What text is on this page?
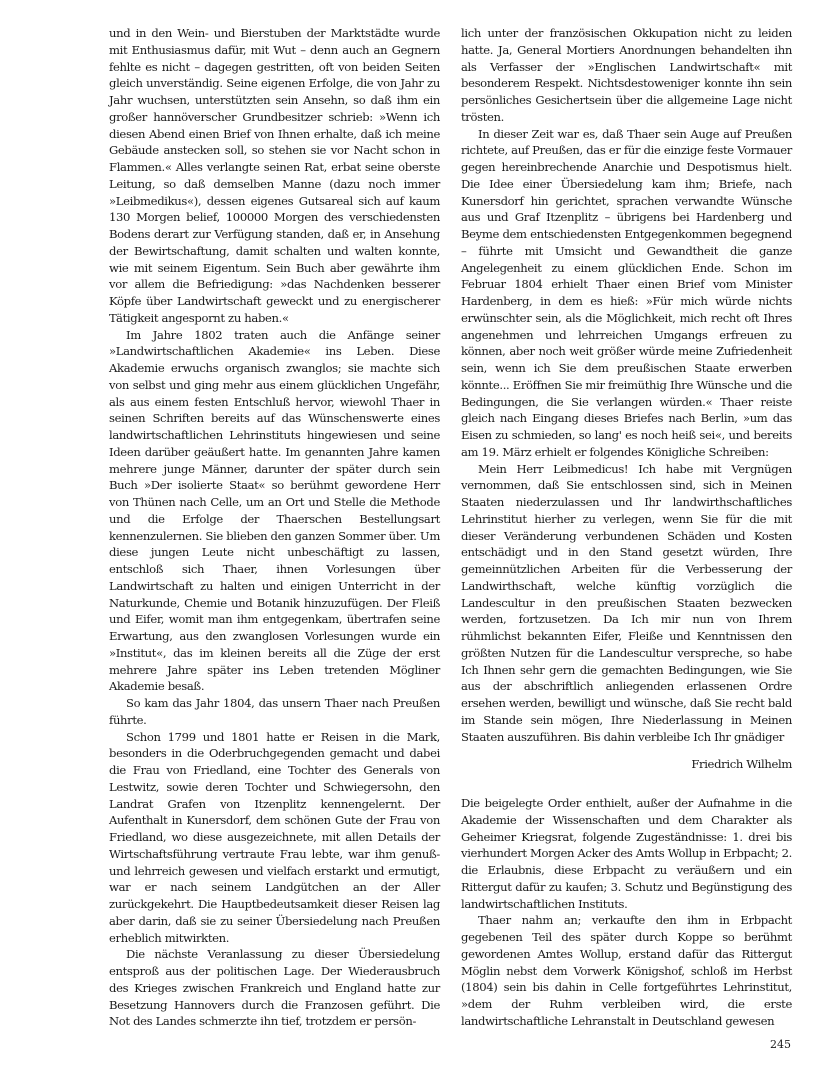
und in den Wein- und Bierstuben der Marktstädte wurde mit Enthusiasmus dafür, mit Wut – denn auch an Gegnern fehlte es nicht – dagegen gestritten, oft von beiden Seiten gleich unverständig. Seine eigenen Erfolge, die von Jahr zu Jahr wuchsen, unterstützten sein Ansehn, so daß ihm ein großer hannöverscher Grundbesitzer schrieb: »Wenn ich diesen Abend einen Brief von Ihnen erhalte, daß ich meine Gebäude anstecken soll, so stehen sie vor Nacht schon in Flammen.« Alles verlangte seinen Rat, erbat seine oberste Leitung, so daß demselben Manne (dazu noch immer »Leibmedikus«), dessen eigenes Gutsareal sich auf kaum 130 Morgen belief, 100000 Morgen des verschiedensten Bodens derart zur Verfügung standen, daß er, in Ansehung der Bewirtschaftung, damit schalten und walten konnte, wie mit seinem Eigentum. Sein Buch aber gewährte ihm vor allem die Befriedigung: »das Nachdenken besserer Köpfe über Landwirtschaft geweckt und zu energischerer Tätigkeit angespornt zu haben.«

Im Jahre 1802 traten auch die Anfänge seiner »Landwirtschaftlichen Akademie« ins Leben. Diese Akademie erwuchs organisch zwanglos; sie machte sich von selbst und ging mehr aus einem glücklichen Ungefähr, als aus einem festen Entschluß hervor, wiewohl Thaer in seinen Schriften bereits auf das Wünschenswerte eines landwirtschaftlichen Lehrinstituts hingewiesen und seine Ideen darüber geäußert hatte. Im genannten Jahre kamen mehrere junge Männer, darunter der später durch sein Buch »Der isolierte Staat« so berühmt gewordene Herr von Thünen nach Celle, um an Ort und Stelle die Methode und die Erfolge der Thaerschen Bestellungsart kennenzulernen. Sie blieben den ganzen Sommer über. Um diese jungen Leute nicht unbeschäftigt zu lassen, entschloß sich Thaer, ihnen Vorlesungen über Landwirtschaft zu halten und einigen Unterricht in der Naturkunde, Chemie und Botanik hinzuzufügen. Der Fleiß und Eifer, womit man ihm entgegenkam, übertrafen seine Erwartung, aus den zwanglosen Vorlesungen wurde ein »Institut«, das im kleinen bereits all die Züge der erst mehrere Jahre später ins Leben tretenden Mögliner Akademie besaß.

So kam das Jahr 1804, das unsern Thaer nach Preußen führte.

Schon 1799 und 1801 hatte er Reisen in die Mark, besonders in die Oderbruchgegenden gemacht und dabei die Frau von Friedland, eine Tochter des Generals von Lestwitz, sowie deren Tochter und Schwiegersohn, den Landrat Grafen von Itzenplitz kennengelernt. Der Aufenthalt in Kunersdorf, dem schönen Gute der Frau von Friedland, wo diese ausgezeichnete, mit allen Details der Wirtschaftsführung vertraute Frau lebte, war ihm genuß- und lehrreich gewesen und vielfach erstarkt und ermutigt, war er nach seinem Landgütchen an der Aller zurückgekehrt. Die Hauptbedeutsamkeit dieser Reisen lag aber darin, daß sie zu seiner Übersiedelung nach Preußen erheblich mitwirkten.

Die nächste Veranlassung zu dieser Übersiedelung entsproß aus der politischen Lage. Der Wiederausbruch des Krieges zwischen Frankreich und England hatte zur Besetzung Hannovers durch die Franzosen geführt. Die Not des Landes schmerzte ihn tief, trotzdem er persön-

lich unter der französischen Okkupation nicht zu leiden hatte. Ja, General Mortiers Anordnungen behandelten ihn als Verfasser der »Englischen Landwirtschaft« mit besonderem Respekt. Nichtsdestoweniger konnte ihn sein persönliches Gesichertsein über die allgemeine Lage nicht trösten.

In dieser Zeit war es, daß Thaer sein Auge auf Preußen richtete, auf Preußen, das er für die einzige feste Vormauer gegen hereinbrechende Anarchie und Despotismus hielt. Die Idee einer Übersiedelung kam ihm; Briefe, nach Kunersdorf hin gerichtet, sprachen verwandte Wünsche aus und Graf Itzenplitz – übrigens bei Hardenberg und Beyme dem entschiedensten Entgegenkommen begegnend – führte mit Umsicht und Gewandtheit die ganze Angelegenheit zu einem glücklichen Ende. Schon im Februar 1804 erhielt Thaer einen Brief vom Minister Hardenberg, in dem es hieß: »Für mich würde nichts erwünschter sein, als die Möglichkeit, mich recht oft Ihres angenehmen und lehrreichen Umgangs erfreuen zu können, aber noch weit größer würde meine Zufriedenheit sein, wenn ich Sie dem preußischen Staate erwerben könnte... Eröffnen Sie mir freimüthig Ihre Wünsche und die Bedingungen, die Sie verlangen würden.« Thaer reiste gleich nach Eingang dieses Briefes nach Berlin, »um das Eisen zu schmieden, so lang' es noch heiß sei«, und bereits am 19. März erhielt er folgendes Königliche Schreiben:

Mein Herr Leibmedicus! Ich habe mit Vergnügen vernommen, daß Sie entschlossen sind, sich in Meinen Staaten niederzulassen und Ihr landwirthschaftliches Lehrinstitut hierher zu verlegen, wenn Sie für die mit dieser Veränderung verbundenen Schäden und Kosten entschädigt und in den Stand gesetzt würden, Ihre gemeinnützlichen Arbeiten für die Verbesserung der Landwirthschaft, welche künftig vorzüglich die Landescultur in den preußischen Staaten bezwecken werden, fortzusetzen. Da Ich mir nun von Ihrem rühmlichst bekannten Eifer, Fleiße und Kenntnissen den größten Nutzen für die Landescultur verspreche, so habe Ich Ihnen sehr gern die gemachten Bedingungen, wie Sie aus der abschriftlich anliegenden erlassenen Ordre ersehen werden, bewilligt und wünsche, daß Sie recht bald im Stande sein mögen, Ihre Niederlassung in Meinen Staaten auszuführen. Bis dahin verbleibe Ich Ihr gnädiger

Friedrich Wilhelm

Die beigelegte Order enthielt, außer der Aufnahme in die Akademie der Wissenschaften und dem Charakter als Geheimer Kriegsrat, folgende Zugeständnisse: 1. drei bis vierhundert Morgen Acker des Amts Wollup in Erbpacht; 2. die Erlaubnis, diese Erbpacht zu veräußern und ein Rittergut dafür zu kaufen; 3. Schutz und Begünstigung des landwirtschaftlichen Instituts.

Thaer nahm an; verkaufte den ihm in Erbpacht gegebenen Teil des später durch Koppe so berühmt gewordenen Amtes Wollup, erstand dafür das Rittergut Möglin nebst dem Vorwerk Königshof, schloß im Herbst (1804) sein bis dahin in Celle fortgeführtes Lehrinstitut, »dem der Ruhm verbleiben wird, die erste landwirtschaftliche Lehranstalt in Deutschland gewesen

245
